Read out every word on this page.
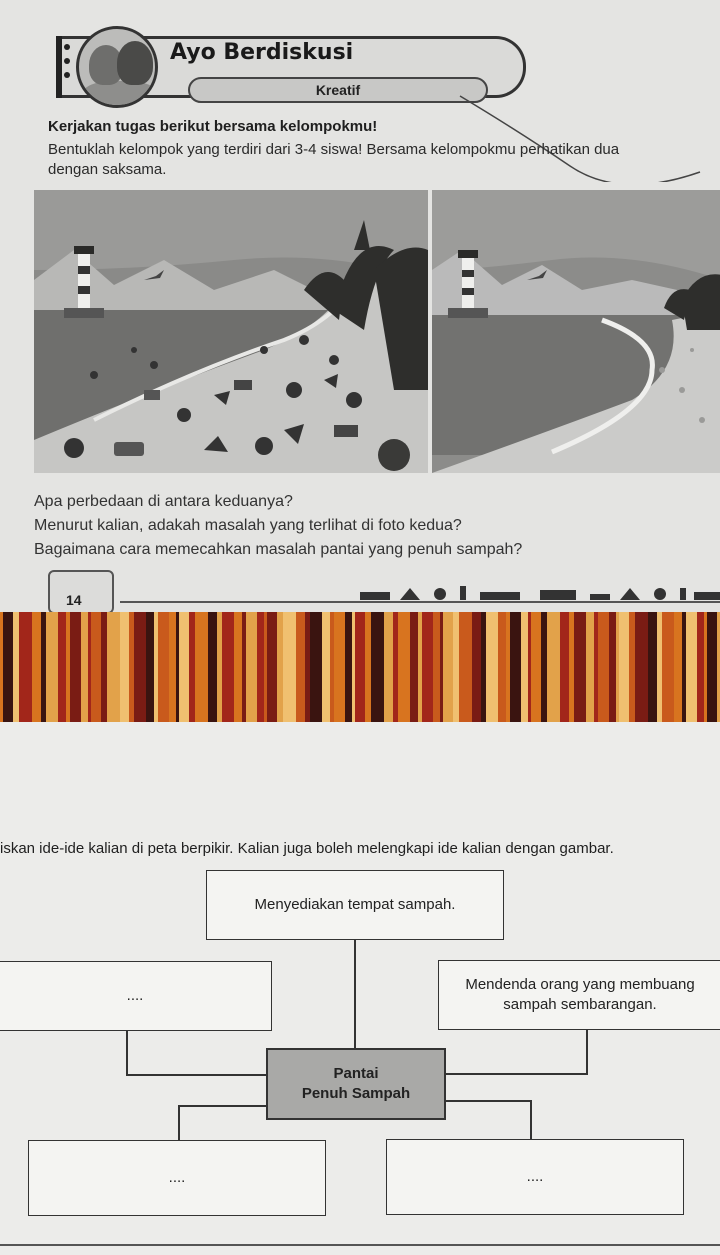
Ayo Berdiskusi
Kreatif
Kerjakan tugas berikut bersama kelompokmu!
Bentuklah kelompok yang terdiri dari 3-4 siswa! Bersama kelompokmu perhatikan dua
dengan saksama.
Apa perbedaan di antara keduanya?
Menurut kalian, adakah masalah yang terlihat di foto kedua?
Bagaimana cara memecahkan masalah pantai yang penuh sampah?
14
iskan ide-ide kalian di peta berpikir. Kalian juga boleh melengkapi ide kalian dengan gambar.
Menyediakan tempat sampah.
....
Mendenda orang yang membuang
sampah sembarangan.
Pantai
Penuh Sampah
....	....
